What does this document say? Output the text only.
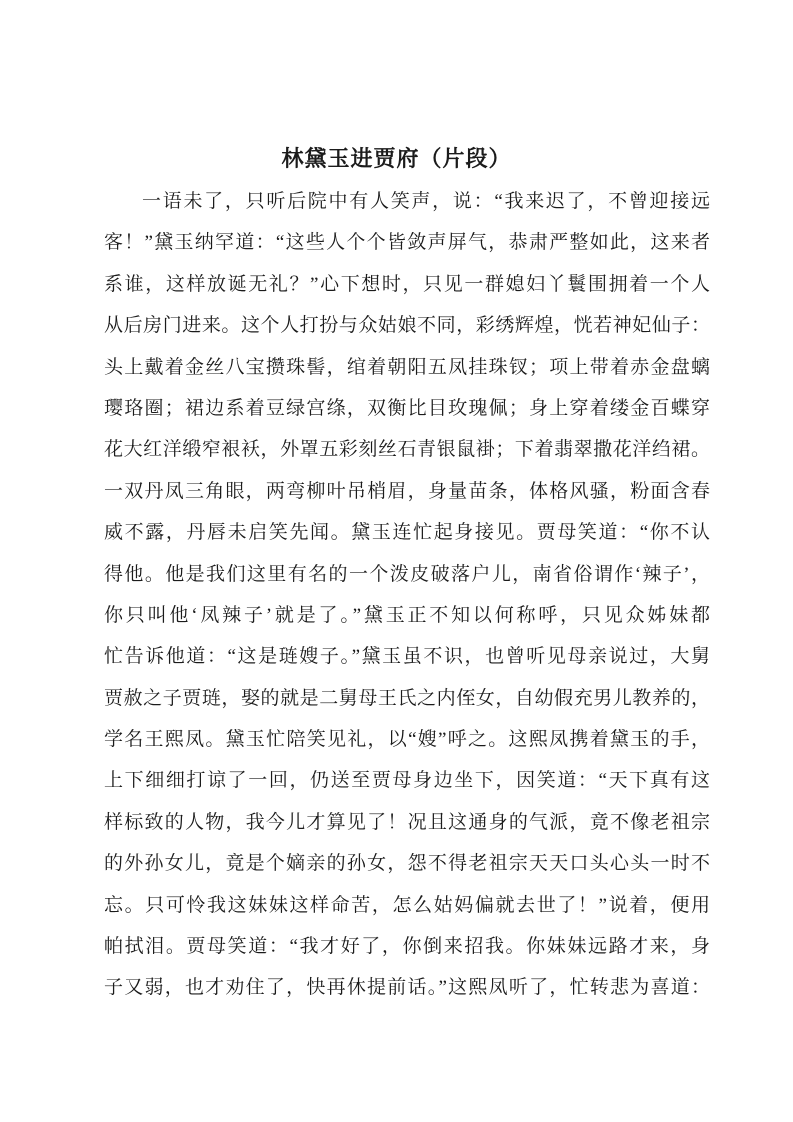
林黛玉进贾府（片段）
一语未了，只听后院中有人笑声，说：“我来迟了，不曾迎接远
客！”黛玉纳罕道：“这些人个个皆敛声屏气，恭肃严整如此，这来者
系谁，这样放诞无礼？”心下想时，只见一群媳妇丫鬟围拥着一个人
从后房门进来。这个人打扮与众姑娘不同，彩绣辉煌，恍若神妃仙子：
头上戴着金丝八宝攒珠髻，绾着朝阳五凤挂珠钗；项上带着赤金盘螭
璎珞圈；裙边系着豆绿宫绦，双衡比目玫瑰佩；身上穿着缕金百蝶穿
花大红洋缎窄裉袄，外罩五彩刻丝石青银鼠褂；下着翡翠撒花洋绉裙。
一双丹凤三角眼，两弯柳叶吊梢眉，身量苗条，体格风骚，粉面含春
威不露，丹唇未启笑先闻。黛玉连忙起身接见。贾母笑道：“你不认
得他。他是我们这里有名的一个泼皮破落户儿，南省俗谓作‘辣子’，
你只叫他‘凤辣子’就是了。”黛玉正不知以何称呼，只见众姊妹都
忙告诉他道：“这是琏嫂子。”黛玉虽不识，也曾听见母亲说过，大舅
贾赦之子贾琏，娶的就是二舅母王氏之内侄女，自幼假充男儿教养的，
学名王熙凤。黛玉忙陪笑见礼，以“嫂”呼之。这熙凤携着黛玉的手，
上下细细打谅了一回，仍送至贾母身边坐下，因笑道：“天下真有这
样标致的人物，我今儿才算见了！况且这通身的气派，竟不像老祖宗
的外孙女儿，竟是个嫡亲的孙女，怨不得老祖宗天天口头心头一时不
忘。只可怜我这妹妹这样命苦，怎么姑妈偏就去世了！”说着，便用
帕拭泪。贾母笑道：“我才好了，你倒来招我。你妹妹远路才来，身
子又弱，也才劝住了，快再休提前话。”这熙凤听了，忙转悲为喜道：
